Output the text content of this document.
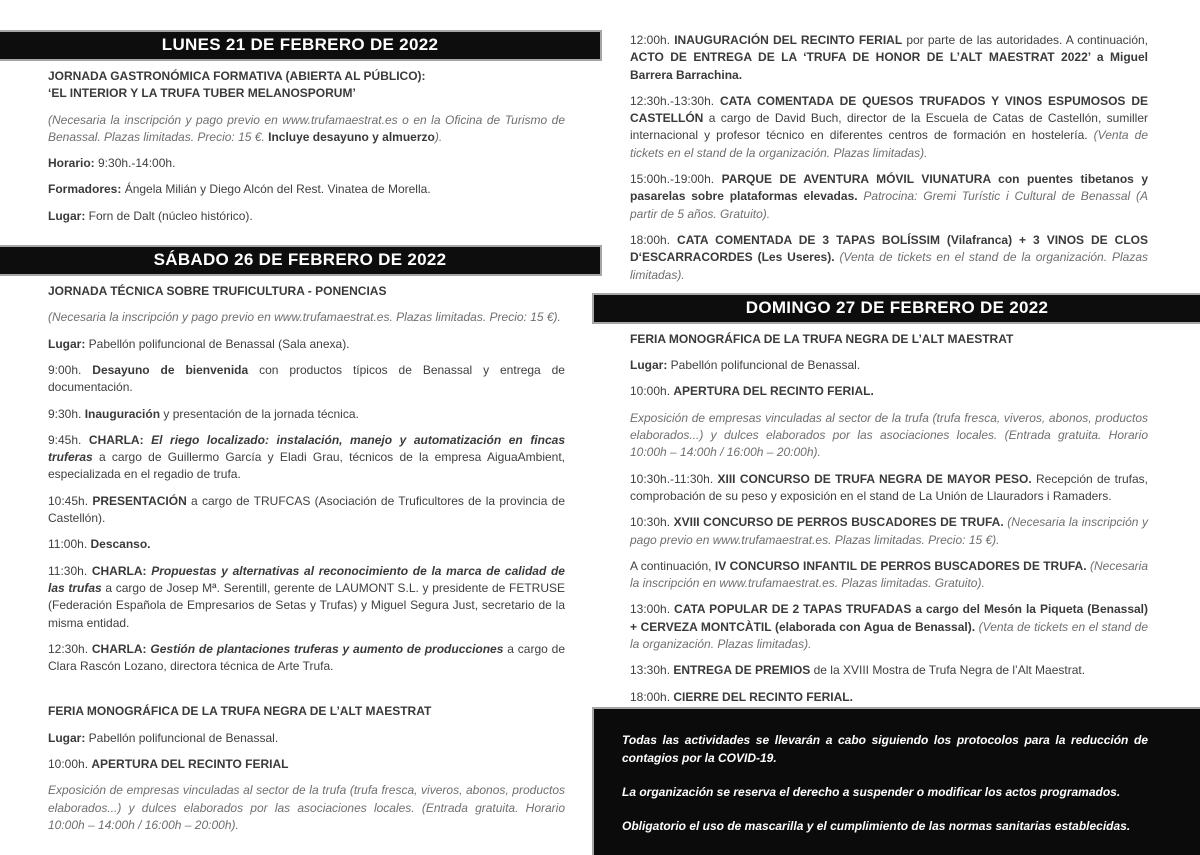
LUNES 21 DE FEBRERO DE 2022

JORNADA GASTRONÓMICA FORMATIVA (ABIERTA AL PÚBLICO):
‘EL INTERIOR Y LA TRUFA TUBER MELANOSPORUM’

(Necesaria la inscripción y pago previo en www.trufamaestrat.es o en la Oficina de Turismo de Benassal. Plazas limitadas. Precio: 15 €. Incluye desayuno y almuerzo).

Horario: 9:30h.-14:00h.

Formadores: Ángela Milián y Diego Alcón del Rest. Vinatea de Morella.

Lugar: Forn de Dalt (núcleo histórico).

SÁBADO 26 DE FEBRERO DE 2022

JORNADA TÉCNICA SOBRE TRUFICULTURA - PONENCIAS

(Necesaria la inscripción y pago previo en www.trufamaestrat.es. Plazas limitadas. Precio: 15 €).

Lugar: Pabellón polifuncional de Benassal (Sala anexa).

9:00h. Desayuno de bienvenida con productos típicos de Benassal y entrega de documentación.

9:30h. Inauguración y presentación de la jornada técnica.

9:45h. CHARLA: El riego localizado: instalación, manejo y automatización en fincas truferas a cargo de Guillermo García y Eladi Grau, técnicos de la empresa AiguaAmbient, especializada en el regadio de trufa.

10:45h. PRESENTACIÓN a cargo de TRUFCAS (Asociación de Truficultores de la provincia de Castellón).

11:00h. Descanso.

11:30h. CHARLA: Propuestas y alternativas al reconocimiento de la marca de calidad de las trufas a cargo de Josep Mª. Serentill, gerente de LAUMONT S.L. y presidente de FETRUSE (Federación Española de Empresarios de Setas y Trufas) y Miguel Segura Just, secretario de la misma entidad.

12:30h. CHARLA: Gestión de plantaciones truferas y aumento de producciones a cargo de Clara Rascón Lozano, directora técnica de Arte Trufa.

FERIA MONOGRÁFICA DE LA TRUFA NEGRA DE L’ALT MAESTRAT

Lugar: Pabellón polifuncional de Benassal.

10:00h. APERTURA DEL RECINTO FERIAL

Exposición de empresas vinculadas al sector de la trufa (trufa fresca, viveros, abonos, productos elaborados...) y dulces elaborados por las asociaciones locales. (Entrada gratuita. Horario 10:00h – 14:00h / 16:00h – 20:00h).

12:00h. INAUGURACIÓN DEL RECINTO FERIAL por parte de las autoridades. A continuación, ACTO DE ENTREGA DE LA ‘TRUFA DE HONOR DE L’ALT MAESTRAT 2022’ a Miguel Barrera Barrachina.

12:30h.-13:30h. CATA COMENTADA DE QUESOS TRUFADOS Y VINOS ESPUMOSOS DE CASTELLÓN a cargo de David Buch, director de la Escuela de Catas de Castellón, sumiller internacional y profesor técnico en diferentes centros de formación en hostelería. (Venta de tickets en el stand de la organización. Plazas limitadas).

15:00h.-19:00h. PARQUE DE AVENTURA MÓVIL VIUNATURA con puentes tibetanos y pasarelas sobre plataformas elevadas. Patrocina: Gremi Turístic i Cultural de Benassal (A partir de 5 años. Gratuito).

18:00h. CATA COMENTADA DE 3 TAPAS BOLÍSSIM (Vilafranca) + 3 VINOS DE CLOS D‘ESCARRACORDES (Les Useres). (Venta de tickets en el stand de la organización. Plazas limitadas).

DOMINGO 27 DE FEBRERO DE 2022

FERIA MONOGRÁFICA DE LA TRUFA NEGRA DE L’ALT MAESTRAT

Lugar: Pabellón polifuncional de Benassal.

10:00h. APERTURA DEL RECINTO FERIAL.

Exposición de empresas vinculadas al sector de la trufa (trufa fresca, viveros, abonos, productos elaborados...) y dulces elaborados por las asociaciones locales. (Entrada gratuita. Horario 10:00h – 14:00h / 16:00h – 20:00h).

10:30h.-11:30h. XIII CONCURSO DE TRUFA NEGRA DE MAYOR PESO. Recepción de trufas, comprobación de su peso y exposición en el stand de La Unión de Llauradors i Ramaders.

10:30h. XVIII CONCURSO DE PERROS BUSCADORES DE TRUFA. (Necesaria la inscripción y pago previo en www.trufamaestrat.es. Plazas limitadas. Precio: 15 €).

A continuación, IV CONCURSO INFANTIL DE PERROS BUSCADORES DE TRUFA. (Necesaria la inscripción en www.trufamaestrat.es. Plazas limitadas. Gratuito).

13:00h. CATA POPULAR DE 2 TAPAS TRUFADAS a cargo del Mesón la Piqueta (Benassal) + CERVEZA MONTCÀTIL (elaborada con Agua de Benassal). (Venta de tickets en el stand de la organización. Plazas limitadas).

13:30h. ENTREGA DE PREMIOS de la XVIII Mostra de Trufa Negra de l’Alt Maestrat.

18:00h. CIERRE DEL RECINTO FERIAL.

Todas las actividades se llevarán a cabo siguiendo los protocolos para la reducción de contagios por la COVID-19.

La organización se reserva el derecho a suspender o modificar los actos programados.

Obligatorio el uso de mascarilla y el cumplimiento de las normas sanitarias establecidas.
